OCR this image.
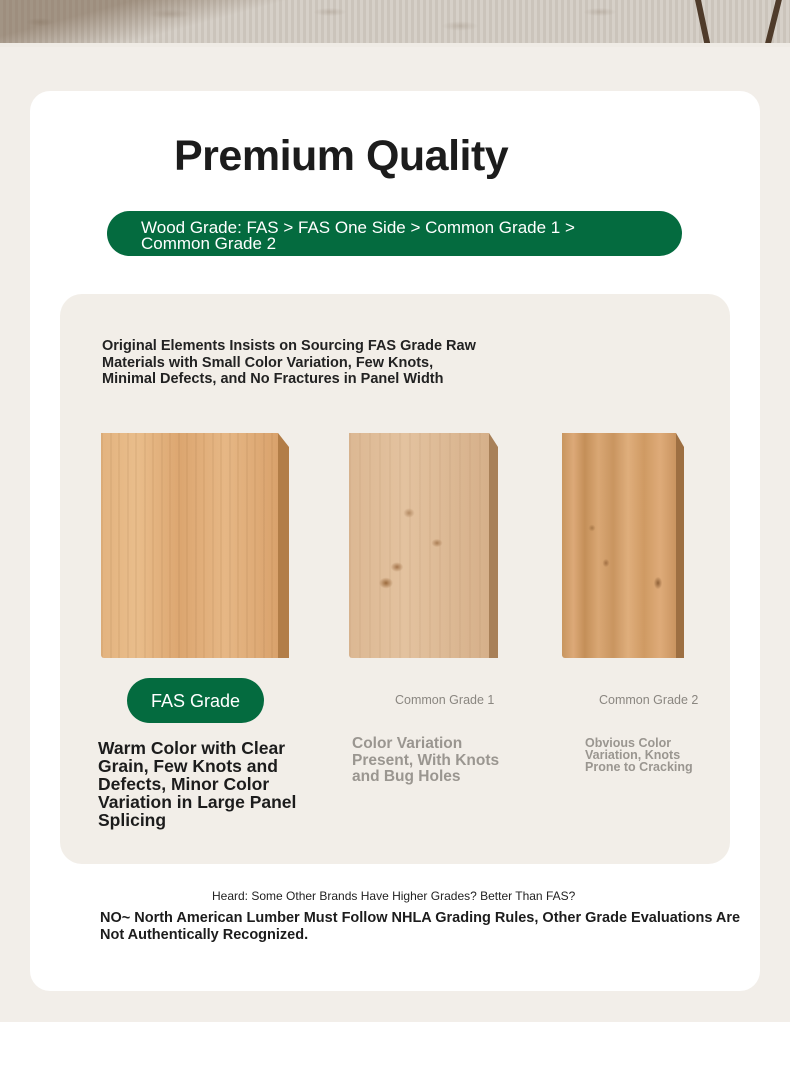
Premium Quality
Wood Grade: FAS > FAS One Side > Common Grade 1 > Common Grade 2
Original Elements Insists on Sourcing FAS Grade Raw Materials with Small Color Variation, Few Knots, Minimal Defects, and No Fractures in Panel Width
FAS Grade	Common Grade 1	Common Grade 2
Warm Color with Clear Grain, Few Knots and Defects, Minor Color Variation in Large Panel Splicing
Color Variation Present, With Knots and Bug Holes
Obvious Color Variation, Knots Prone to Cracking
Heard: Some Other Brands Have Higher Grades? Better Than FAS?
NO~ North American Lumber Must Follow NHLA Grading Rules, Other Grade Evaluations Are Not Authentically Recognized.
